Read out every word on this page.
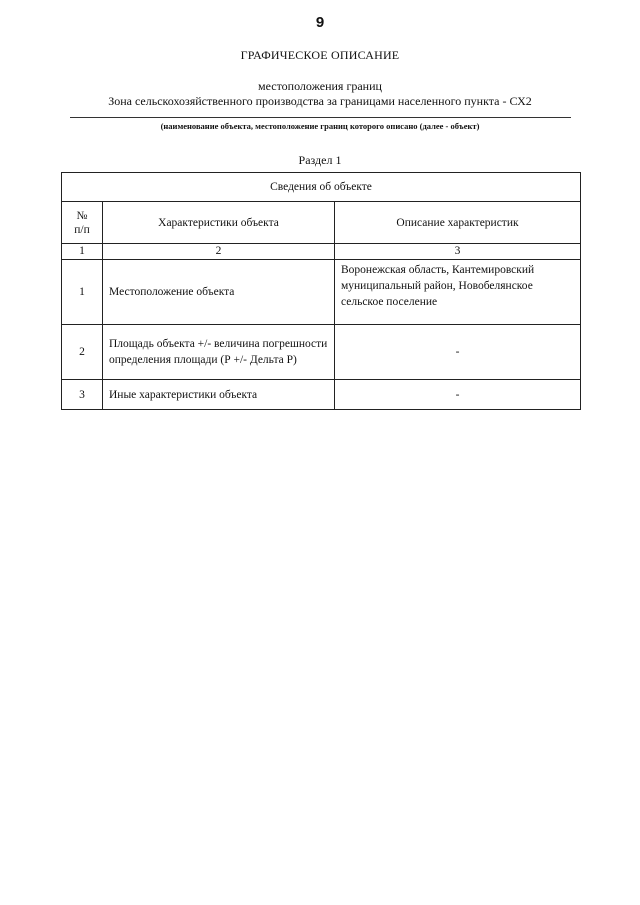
9
ГРАФИЧЕСКОЕ ОПИСАНИЕ
местоположения границ
Зона сельскохозяйственного производства за границами населенного пункта - СХ2
(наименование объекта, местоположение границ которого описано (далее - объект)
Раздел 1
Сведения об объекте		
№
п/п	Характеристики объекта	Описание характеристик
1	2	3
1	Местоположение объекта	Воронежская область, Кантемировский муниципальный район, Новобелянское сельское поселение
2	Площадь объекта +/- величина погрешности определения площади (Р +/- Дельта Р)	-
3	Иные характеристики объекта	-
